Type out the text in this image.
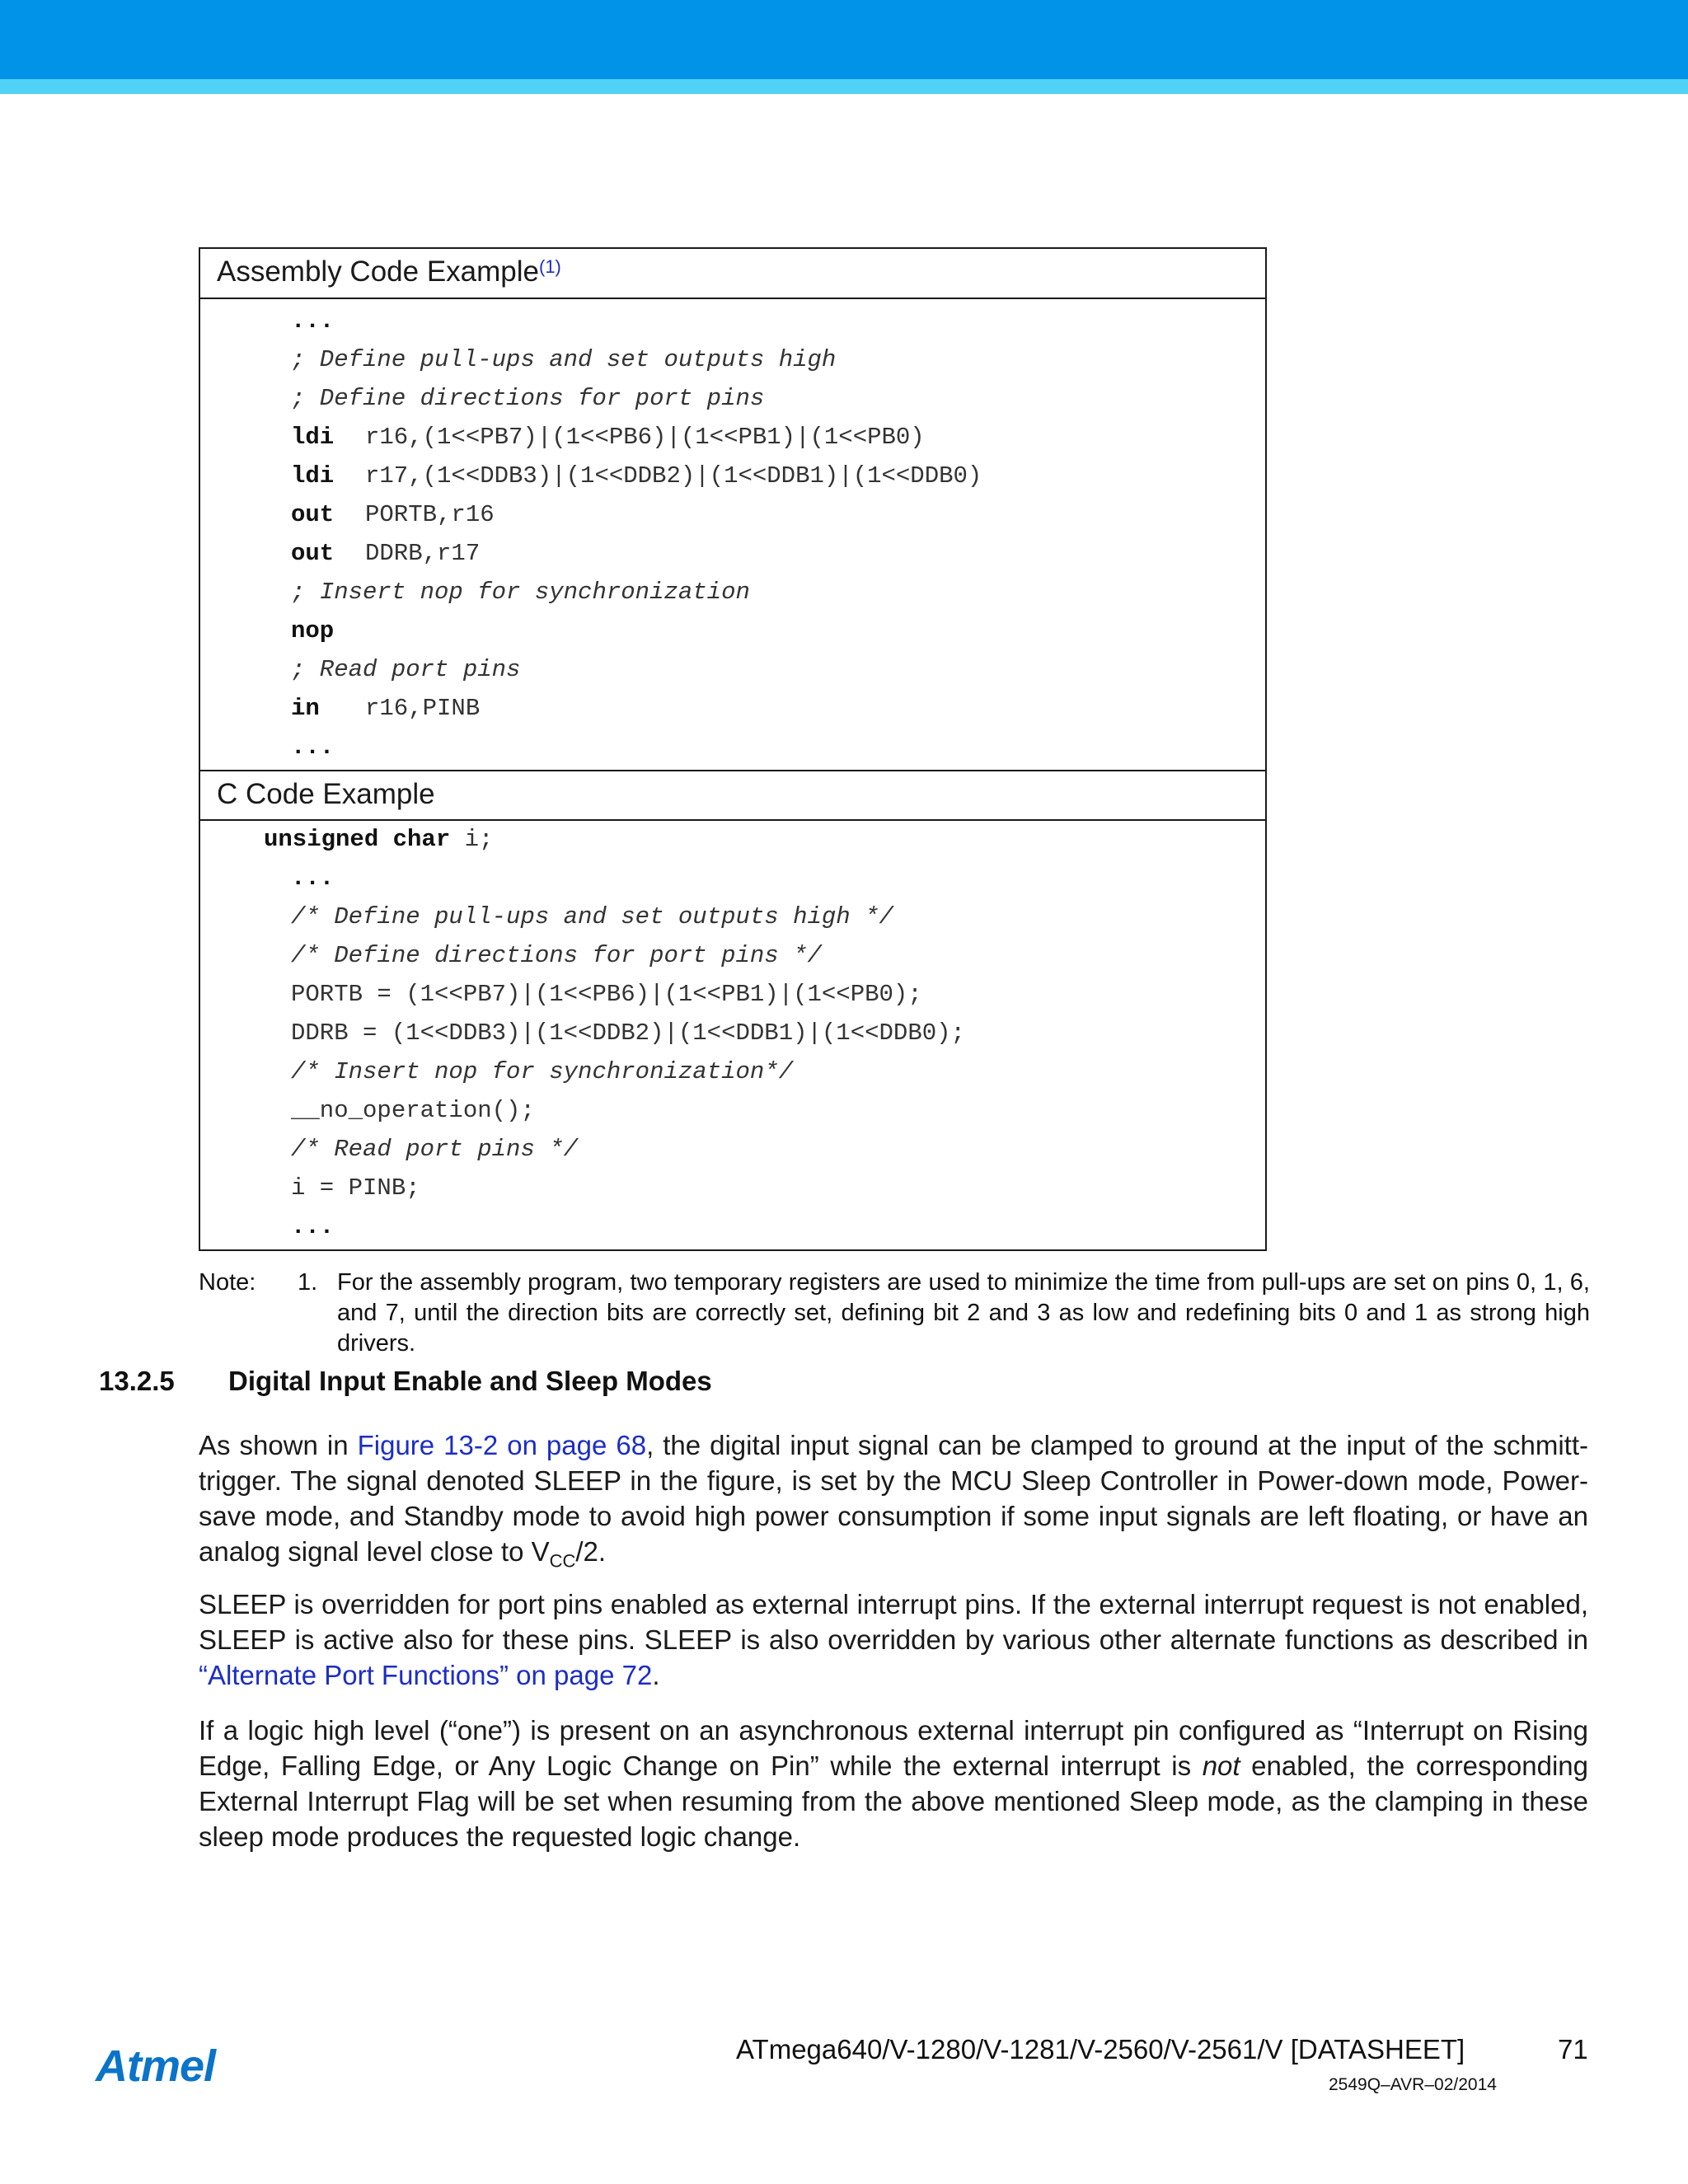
Assembly Code Example$^{(1)}$
...
; Define pull-ups and set outputs high
; Define directions for port pins
ldi r16,(1<<PB7)|(1<<PB6)|(1<<PB1)|(1<<PB0)
ldi r17,(1<<DDB3)|(1<<DDB2)|(1<<DDB1)|(1<<DDB0)
out PORTB,r16
out DDRB,r17
; Insert nop for synchronization
nop
; Read port pins
in r16,PINB
...
C Code Example
unsigned char i;
...
/* Define pull-ups and set outputs high */
/* Define directions for port pins */
PORTB = (1<<PB7)|(1<<PB6)|(1<<PB1)|(1<<PB0);
DDRB = (1<<DDB3)|(1<<DDB2)|(1<<DDB1)|(1<<DDB0);
/* Insert nop for synchronization*/
__no_operation();
/* Read port pins */
i = PINB;
...
Note: 1. For the assembly program, two temporary registers are used to minimize the time from pull-ups are set on pins 0, 1, 6, and 7, until the direction bits are correctly set, defining bit 2 and 3 as low and redefining bits 0 and 1 as strong high drivers.
13.2.5 Digital Input Enable and Sleep Modes
As shown in Figure 13-2 on page 68, the digital input signal can be clamped to ground at the input of the schmitt-trigger. The signal denoted SLEEP in the figure, is set by the MCU Sleep Controller in Power-down mode, Power-save mode, and Standby mode to avoid high power consumption if some input signals are left floating, or have an analog signal level close to $V_{CC}/2$.
SLEEP is overridden for port pins enabled as external interrupt pins. If the external interrupt request is not enabled, SLEEP is active also for these pins. SLEEP is also overridden by various other alternate functions as described in “Alternate Port Functions” on page 72.
If a logic high level (“one”) is present on an asynchronous external interrupt pin configured as “Interrupt on Rising Edge, Falling Edge, or Any Logic Change on Pin” while the external interrupt is not enabled, the corresponding External Interrupt Flag will be set when resuming from the above mentioned Sleep mode, as the clamping in these sleep mode produces the requested logic change.
Atmel	ATmega640/V-1280/V-1281/V-2560/V-2561/V [DATASHEET]	71
2549Q–AVR–02/2014
